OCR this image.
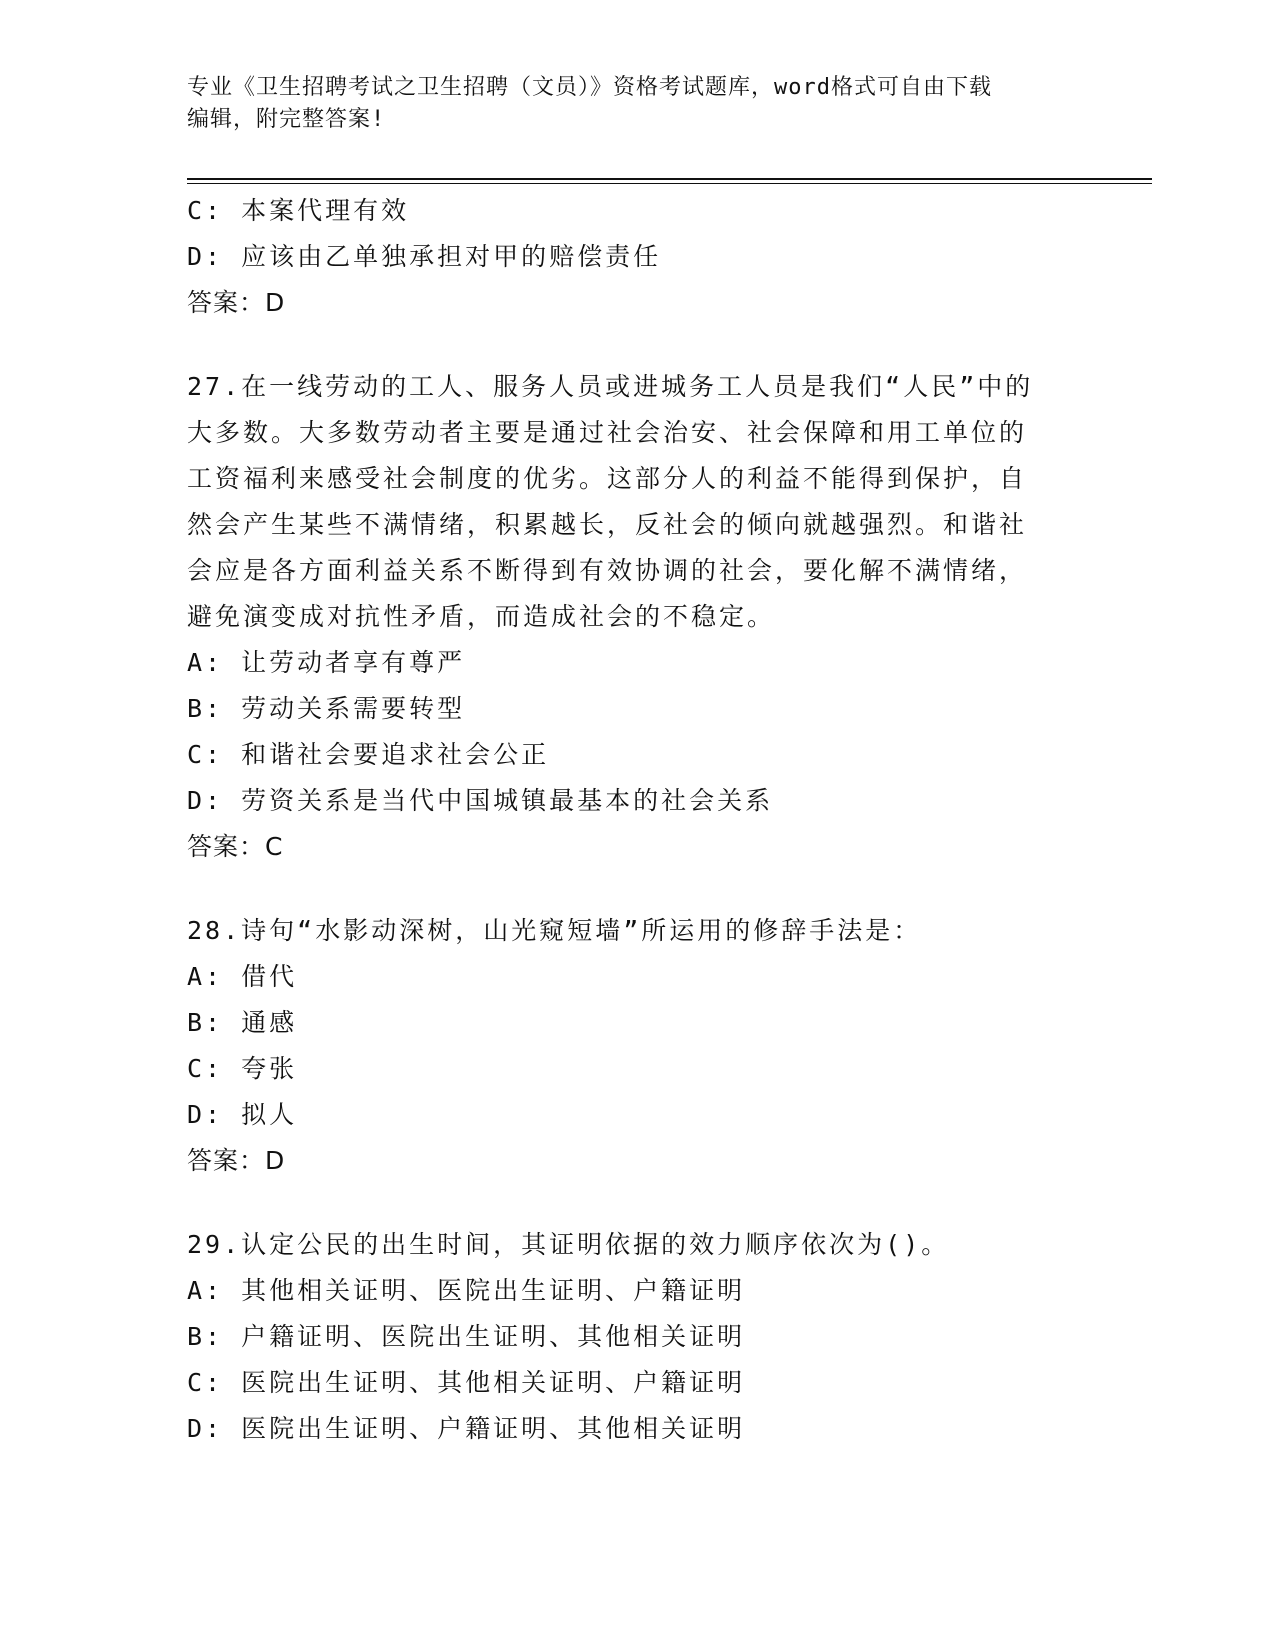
专业《卫生招聘考试之卫生招聘（文员）》资格考试题库，word格式可自由下载
编辑，附完整答案!
C: 本案代理有效
D: 应该由乙单独承担对甲的赔偿责任
答案：D
27.在一线劳动的工人、服务人员或进城务工人员是我们“人民”中的
大多数。大多数劳动者主要是通过社会治安、社会保障和用工单位的
工资福利来感受社会制度的优劣。这部分人的利益不能得到保护，自
然会产生某些不满情绪，积累越长，反社会的倾向就越强烈。和谐社
会应是各方面利益关系不断得到有效协调的社会，要化解不满情绪，
避免演变成对抗性矛盾，而造成社会的不稳定。
A: 让劳动者享有尊严
B: 劳动关系需要转型
C: 和谐社会要追求社会公正
D: 劳资关系是当代中国城镇最基本的社会关系
答案：C
28.诗句“水影动深树，山光窥短墙”所运用的修辞手法是：
A: 借代
B: 通感
C: 夸张
D: 拟人
答案：D
29.认定公民的出生时间，其证明依据的效力顺序依次为()。
A: 其他相关证明、医院出生证明、户籍证明
B: 户籍证明、医院出生证明、其他相关证明
C: 医院出生证明、其他相关证明、户籍证明
D: 医院出生证明、户籍证明、其他相关证明
